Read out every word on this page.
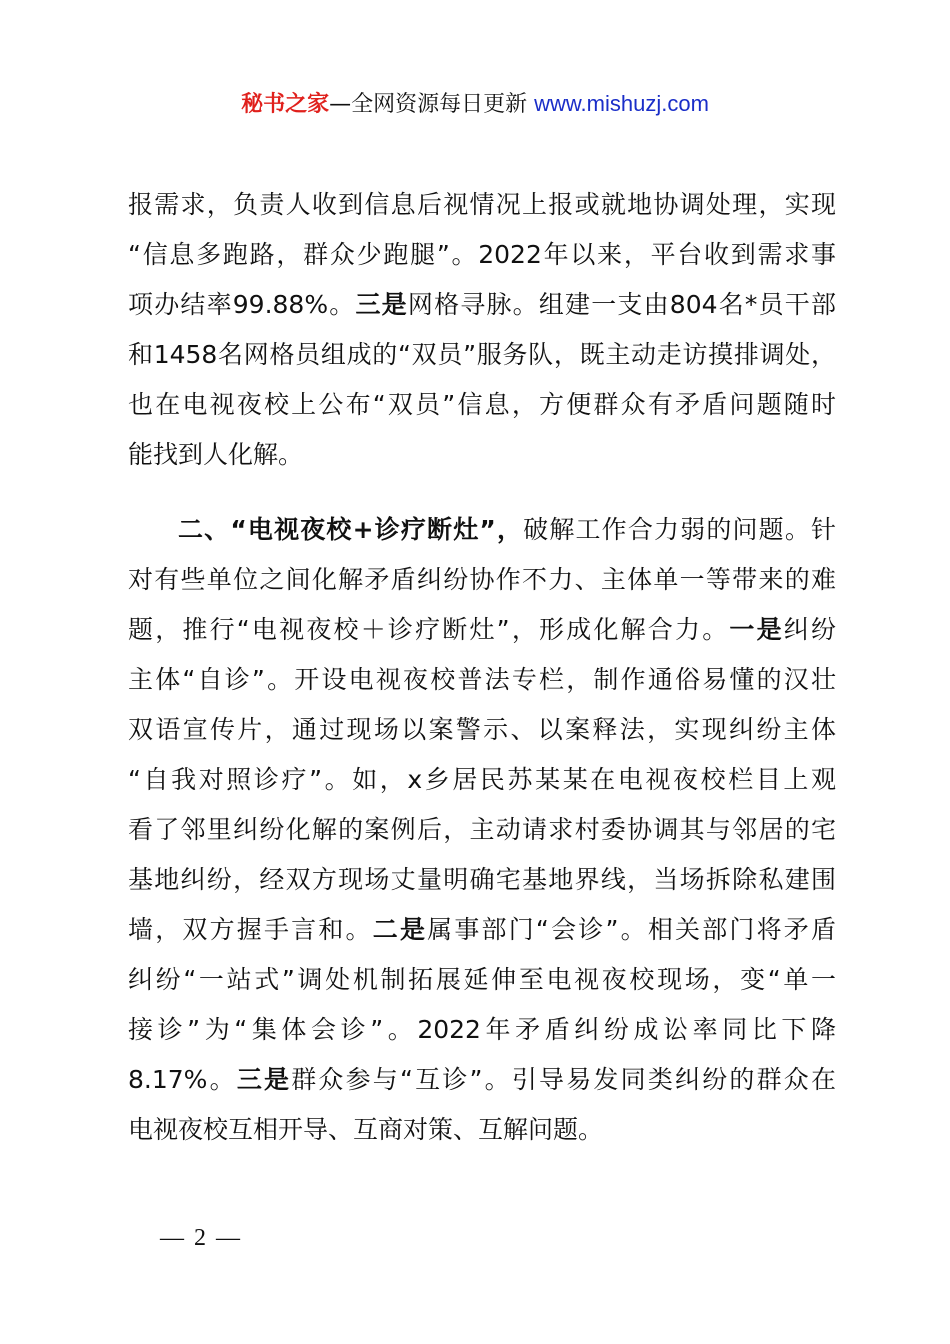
秘书之家—全网资源每日更新 www.mishuzj.com

报需求，负责人收到信息后视情况上报或就地协调处理，实现
“信息多跑路，群众少跑腿”。2022年以来，平台收到需求事
项办结率99.88%。三是网格寻脉。组建一支由804名*员干部
和1458名网格员组成的“双员”服务队，既主动走访摸排调处，
也在电视夜校上公布“双员”信息，方便群众有矛盾问题随时
能找到人化解。

二、“电视夜校+诊疗断灶”，破解工作合力弱的问题。针
对有些单位之间化解矛盾纠纷协作不力、主体单一等带来的难
题，推行“电视夜校＋诊疗断灶”，形成化解合力。一是纠纷
主体“自诊”。开设电视夜校普法专栏，制作通俗易懂的汉壮
双语宣传片，通过现场以案警示、以案释法，实现纠纷主体
“自我对照诊疗”。如，x乡居民苏某某在电视夜校栏目上观
看了邻里纠纷化解的案例后，主动请求村委协调其与邻居的宅
基地纠纷，经双方现场丈量明确宅基地界线，当场拆除私建围
墙，双方握手言和。二是属事部门“会诊”。相关部门将矛盾
纠纷“一站式”调处机制拓展延伸至电视夜校现场，变“单一
接诊”为“集体会诊”。2022年矛盾纠纷成讼率同比下降
8.17%。三是群众参与“互诊”。引导易发同类纠纷的群众在
电视夜校互相开导、互商对策、互解问题。

— 2 —
